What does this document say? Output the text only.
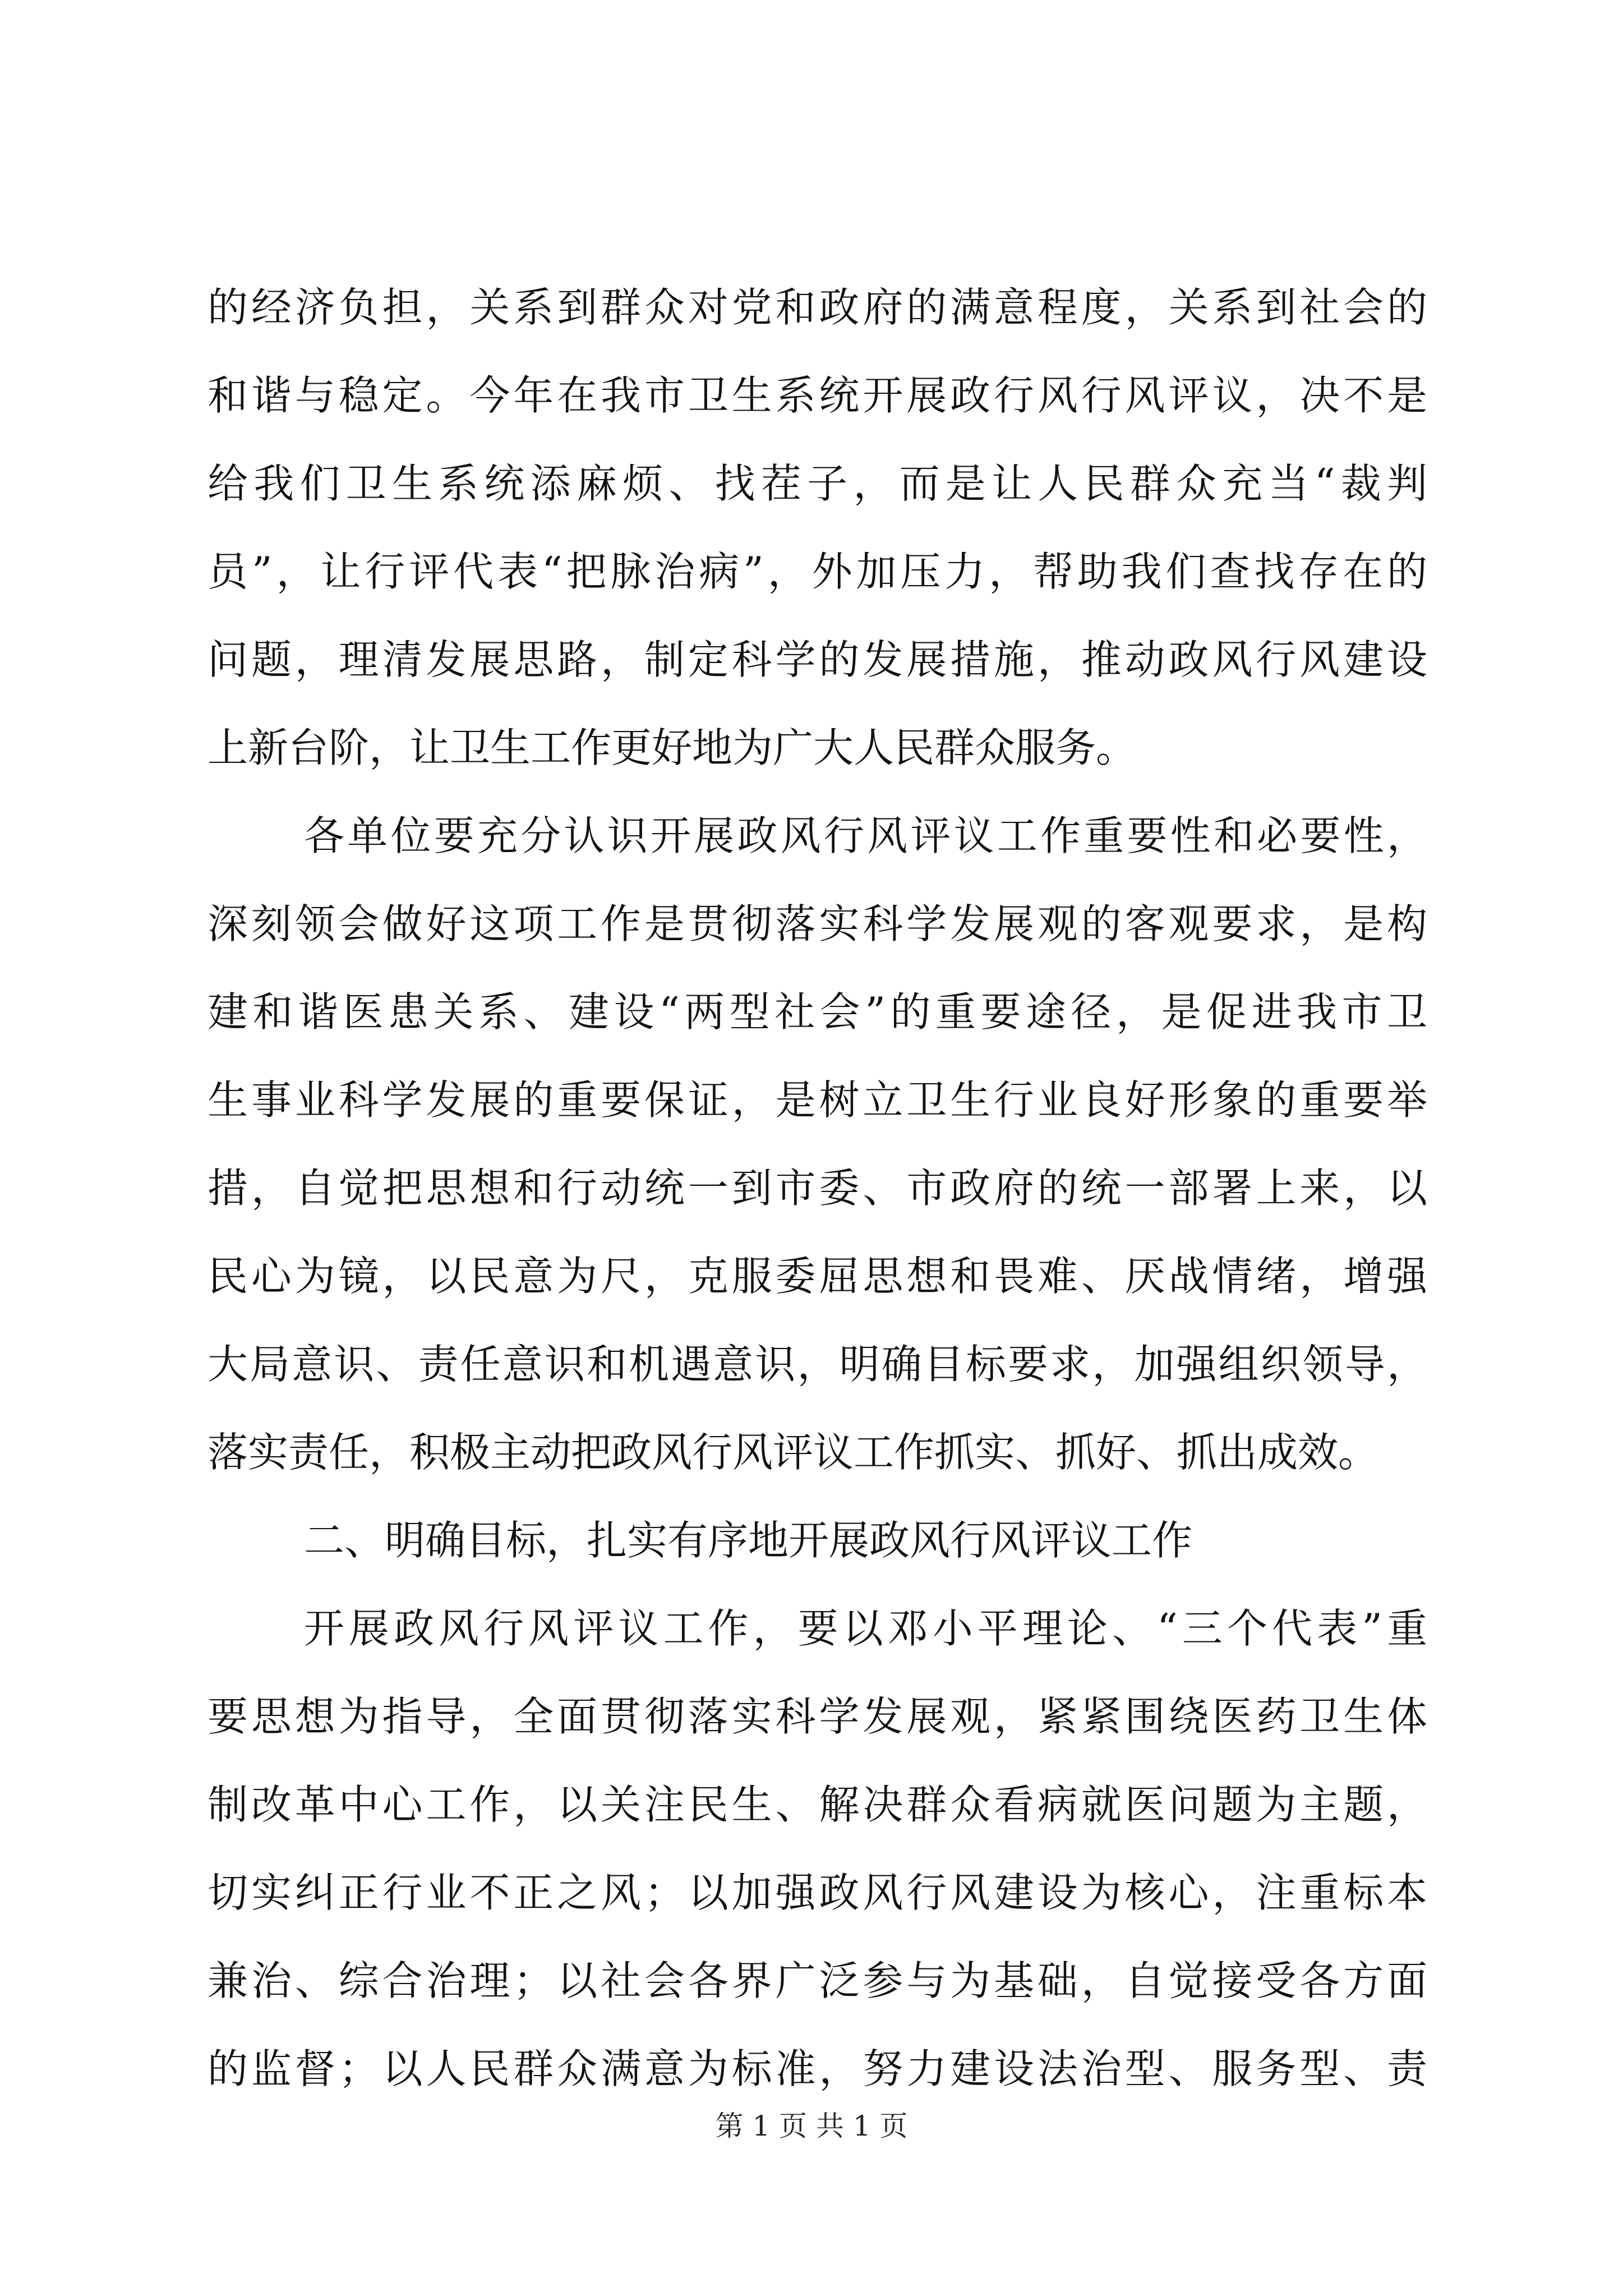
的经济负担，关系到群众对党和政府的满意程度，关系到社会的
和谐与稳定。今年在我市卫生系统开展政行风行风评议，决不是
给我们卫生系统添麻烦、找茬子，而是让人民群众充当“裁判
员”，让行评代表“把脉治病”，外加压力，帮助我们查找存在的
问题，理清发展思路，制定科学的发展措施，推动政风行风建设
上新台阶，让卫生工作更好地为广大人民群众服务。
各单位要充分认识开展政风行风评议工作重要性和必要性，
深刻领会做好这项工作是贯彻落实科学发展观的客观要求，是构
建和谐医患关系、建设“两型社会”的重要途径，是促进我市卫
生事业科学发展的重要保证，是树立卫生行业良好形象的重要举
措，自觉把思想和行动统一到市委、市政府的统一部署上来，以
民心为镜，以民意为尺，克服委屈思想和畏难、厌战情绪，增强
大局意识、责任意识和机遇意识，明确目标要求，加强组织领导，
落实责任，积极主动把政风行风评议工作抓实、抓好、抓出成效。
二、明确目标，扎实有序地开展政风行风评议工作
开展政风行风评议工作，要以邓小平理论、“三个代表”重
要思想为指导，全面贯彻落实科学发展观，紧紧围绕医药卫生体
制改革中心工作，以关注民生、解决群众看病就医问题为主题，
切实纠正行业不正之风；以加强政风行风建设为核心，注重标本
兼治、综合治理；以社会各界广泛参与为基础，自觉接受各方面
的监督；以人民群众满意为标准，努力建设法治型、服务型、责
第 1 页 共 1 页
